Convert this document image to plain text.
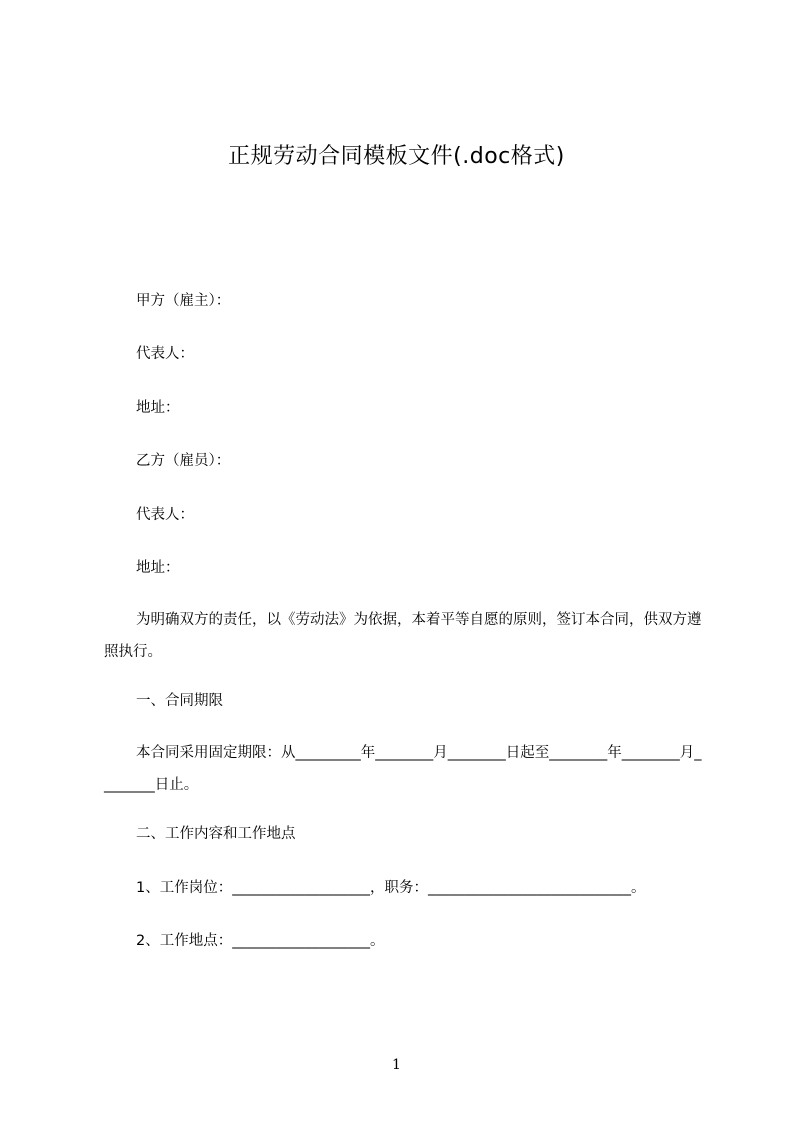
正规劳动合同模板文件(.doc格式)
甲方（雇主）：
代表人：
地址：
乙方（雇员）：
代表人：
地址：
为明确双方的责任，以《劳动法》为依据，本着平等自愿的原则，签订本合同，供双方遵照执行。
一、合同期限
本合同采用固定期限：从_________年________月________日起至________年________月________日止。
二、工作内容和工作地点
1、工作岗位：___________________，职务：____________________________。
2、工作地点：___________________。
1
